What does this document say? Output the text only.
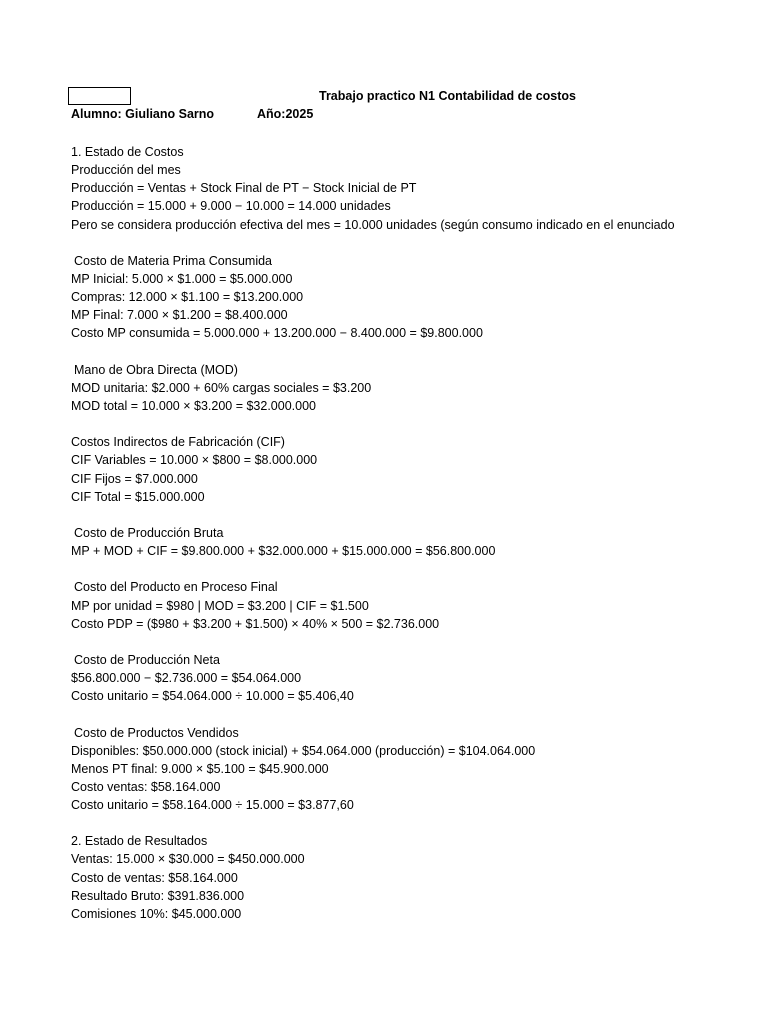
Trabajo practico N1 Contabilidad de costos
Alumno: Giuliano Sarno	Año:2025
1. Estado de Costos
Producción del mes
Producción = Ventas + Stock Final de PT − Stock Inicial de PT
Producción = 15.000 + 9.000 − 10.000 = 14.000 unidades
Pero se considera producción efectiva del mes = 10.000 unidades (según consumo indicado en el enunciado
Costo de Materia Prima Consumida
MP Inicial: 5.000 × $1.000 = $5.000.000
Compras: 12.000 × $1.100 = $13.200.000
MP Final: 7.000 × $1.200 = $8.400.000
Costo MP consumida = 5.000.000 + 13.200.000 − 8.400.000 = $9.800.000
Mano de Obra Directa (MOD)
MOD unitaria: $2.000 + 60% cargas sociales = $3.200
MOD total = 10.000 × $3.200 = $32.000.000
Costos Indirectos de Fabricación (CIF)
CIF Variables = 10.000 × $800 = $8.000.000
CIF Fijos = $7.000.000
CIF Total = $15.000.000
Costo de Producción Bruta
MP + MOD + CIF = $9.800.000 + $32.000.000 + $15.000.000 = $56.800.000
Costo del Producto en Proceso Final
MP por unidad = $980 | MOD = $3.200 | CIF = $1.500
Costo PDP = ($980 + $3.200 + $1.500) × 40% × 500 = $2.736.000
Costo de Producción Neta
$56.800.000 − $2.736.000 = $54.064.000
Costo unitario = $54.064.000 ÷ 10.000 = $5.406,40
Costo de Productos Vendidos
Disponibles: $50.000.000 (stock inicial) + $54.064.000 (producción) = $104.064.000
Menos PT final: 9.000 × $5.100 = $45.900.000
Costo ventas: $58.164.000
Costo unitario = $58.164.000 ÷ 15.000 = $3.877,60
2. Estado de Resultados
Ventas: 15.000 × $30.000 = $450.000.000
Costo de ventas: $58.164.000
Resultado Bruto: $391.836.000
Comisiones 10%: $45.000.000
